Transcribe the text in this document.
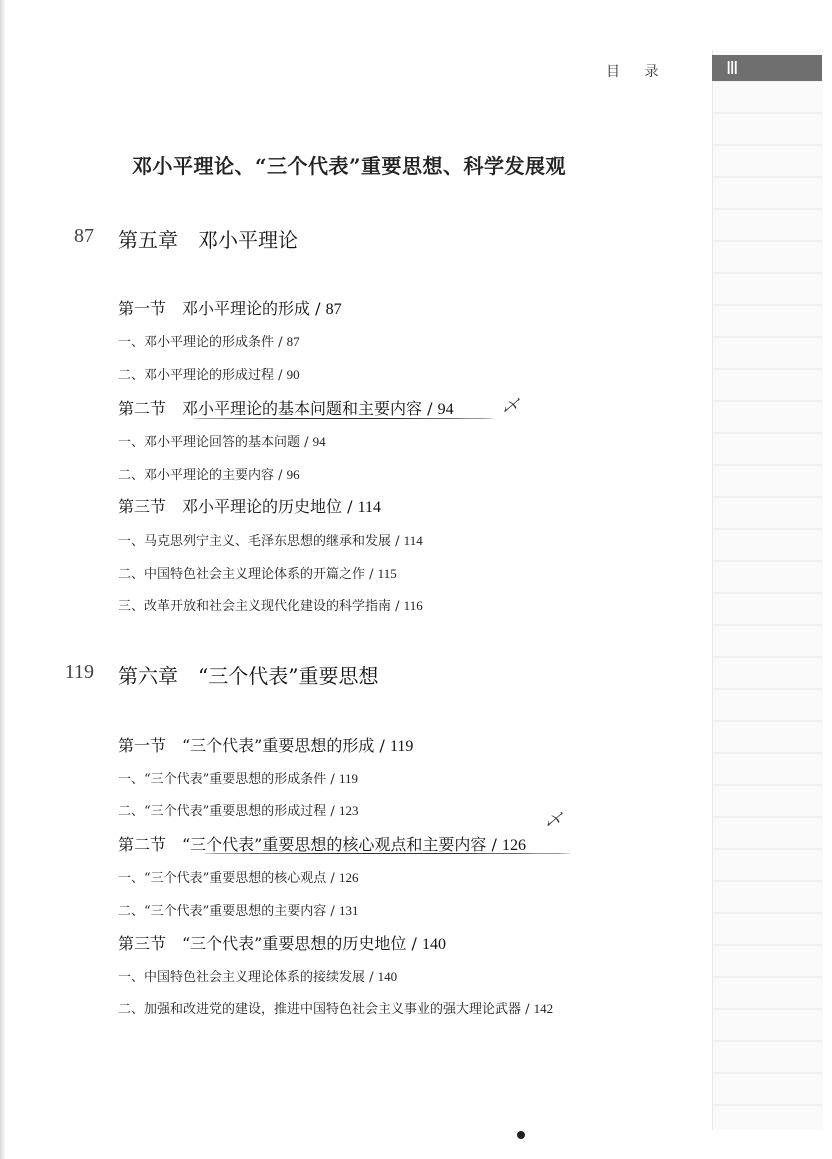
目 录	Ⅲ
邓小平理论、“三个代表”重要思想、科学发展观
87 第五章　邓小平理论
第一节　邓小平理论的形成 / 87
一、邓小平理论的形成条件 / 87
二、邓小平理论的形成过程 / 90
第二节　邓小平理论的基本问题和主要内容 / 94	乄
一、邓小平理论回答的基本问题 / 94
二、邓小平理论的主要内容 / 96
第三节　邓小平理论的历史地位 / 114
一、马克思列宁主义、毛泽东思想的继承和发展 / 114
二、中国特色社会主义理论体系的开篇之作 / 115
三、改革开放和社会主义现代化建设的科学指南 / 116
119 第六章　“三个代表”重要思想
第一节　“三个代表”重要思想的形成 / 119
一、“三个代表”重要思想的形成条件 / 119
二、“三个代表”重要思想的形成过程 / 123
第二节　“三个代表”重要思想的核心观点和主要内容 / 126
乄
一、“三个代表”重要思想的核心观点 / 126
二、“三个代表”重要思想的主要内容 / 131
第三节　“三个代表”重要思想的历史地位 / 140
一、中国特色社会主义理论体系的接续发展 / 140
二、加强和改进党的建设，推进中国特色社会主义事业的强大理论武器 / 142
